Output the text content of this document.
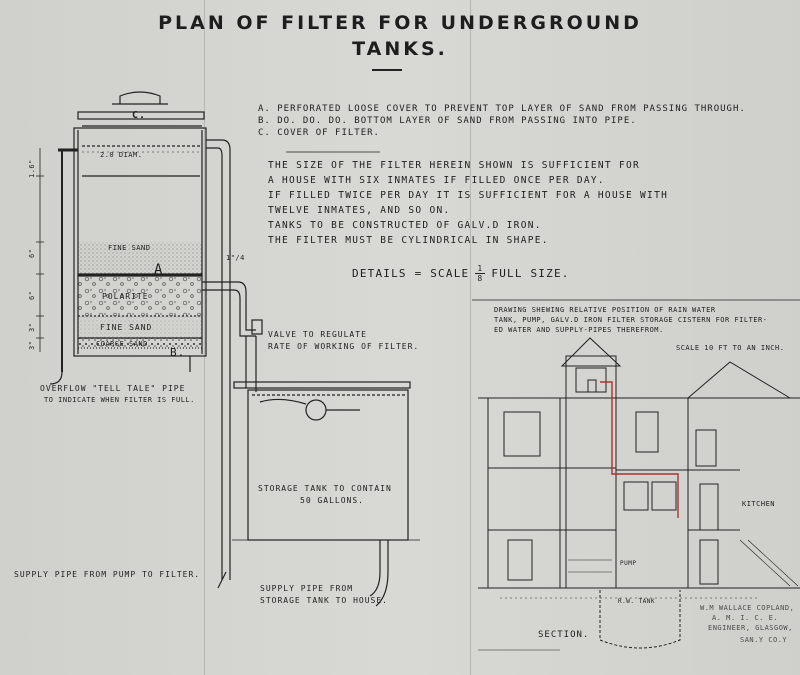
PLAN OF FILTER FOR UNDERGROUND
TANKS.
A. PERFORATED LOOSE COVER TO PREVENT TOP LAYER OF SAND FROM PASSING THROUGH.
B. DO. DO. DO. BOTTOM LAYER OF SAND FROM PASSING INTO PIPE.
C. COVER OF FILTER.
THE SIZE OF THE FILTER HEREIN SHOWN IS SUFFICIENT FOR
A HOUSE WITH SIX INMATES IF FILLED ONCE PER DAY.
IF FILLED TWICE PER DAY IT IS SUFFICIENT FOR A HOUSE WITH
TWELVE INMATES, AND SO ON.
TANKS TO BE CONSTRUCTED OF GALV.D IRON.
THE FILTER MUST BE CYLINDRICAL IN SHAPE.
DETAILS = SCALE $\frac{1}{8}$ FULL SIZE.
C.
2.0 DIAM.
FINE SAND
A
POLARITE
FINE SAND
COARSE SAND
B.
1"/4
1.6"
6"
6"
3"
3"
OVERFLOW "TELL TALE" PIPE
TO INDICATE WHEN FILTER IS FULL.
VALVE TO REGULATE
RATE OF WORKING OF FILTER.
STORAGE TANK TO CONTAIN
50 GALLONS.
SUPPLY PIPE FROM PUMP TO FILTER.
SUPPLY PIPE FROM
STORAGE TANK TO HOUSE.
DRAWING SHEWING RELATIVE POSITION OF RAIN WATER
TANK, PUMP, GALV.D IRON FILTER STORAGE CISTERN FOR FILTER-
ED WATER AND SUPPLY-PIPES THEREFROM.
SCALE 10 FT TO AN INCH.
KITCHEN
PUMP
R.W. TANK
SECTION.
W.M WALLACE COPLAND,
A. M. I. C. E.
ENGINEER, GLASGOW,
SAN.Y CO.Y
